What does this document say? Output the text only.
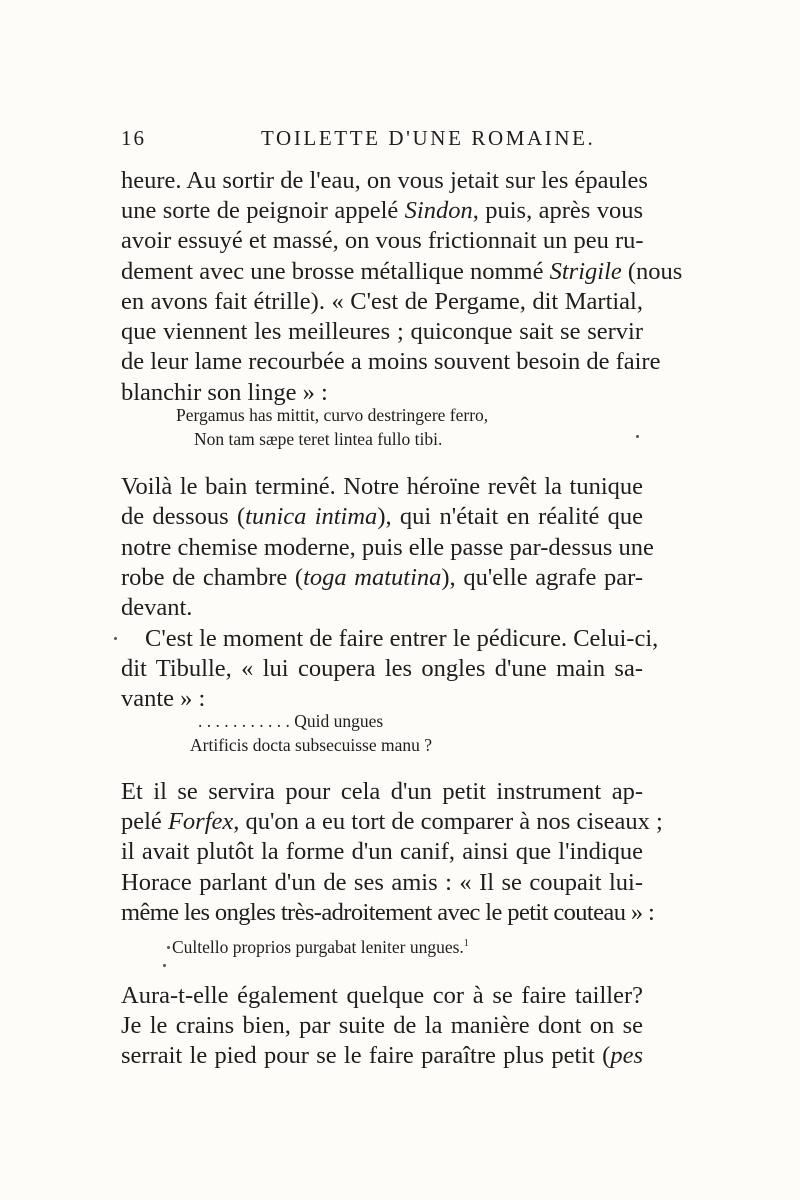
16	TOILETTE D'UNE ROMAINE.
heure. Au sortir de l'eau, on vous jetait sur les épaules
une sorte de peignoir appelé Sindon, puis, après vous
avoir essuyé et massé, on vous frictionnait un peu ru-
dement avec une brosse métallique nommé Strigile (nous
en avons fait étrille). « C'est de Pergame, dit Martial,
que viennent les meilleures ; quiconque sait se servir
de leur lame recourbée a moins souvent besoin de faire
blanchir son linge » :
Pergamus has mittit, curvo destringere ferro,
Non tam sæpe teret lintea fullo tibi.
Voilà le bain terminé. Notre héroïne revêt la tunique
de dessous (tunica intima), qui n'était en réalité que
notre chemise moderne, puis elle passe par-dessus une
robe de chambre (toga matutina), qu'elle agrafe par-
devant.
C'est le moment de faire entrer le pédicure. Celui-ci,
dit Tibulle, « lui coupera les ongles d'une main sa-
vante » :
. . . . . . . . . . . Quid ungues
Artificis docta subsecuisse manu ?
Et il se servira pour cela d'un petit instrument ap-
pelé Forfex, qu'on a eu tort de comparer à nos ciseaux ;
il avait plutôt la forme d'un canif, ainsi que l'indique
Horace parlant d'un de ses amis : « Il se coupait lui-
même les ongles très-adroitement avec le petit couteau » :
Cultello proprios purgabat leniter ungues.$^1$
Aura-t-elle également quelque cor à se faire tailler?
Je le crains bien, par suite de la manière dont on se
serrait le pied pour se le faire paraître plus petit (pes
